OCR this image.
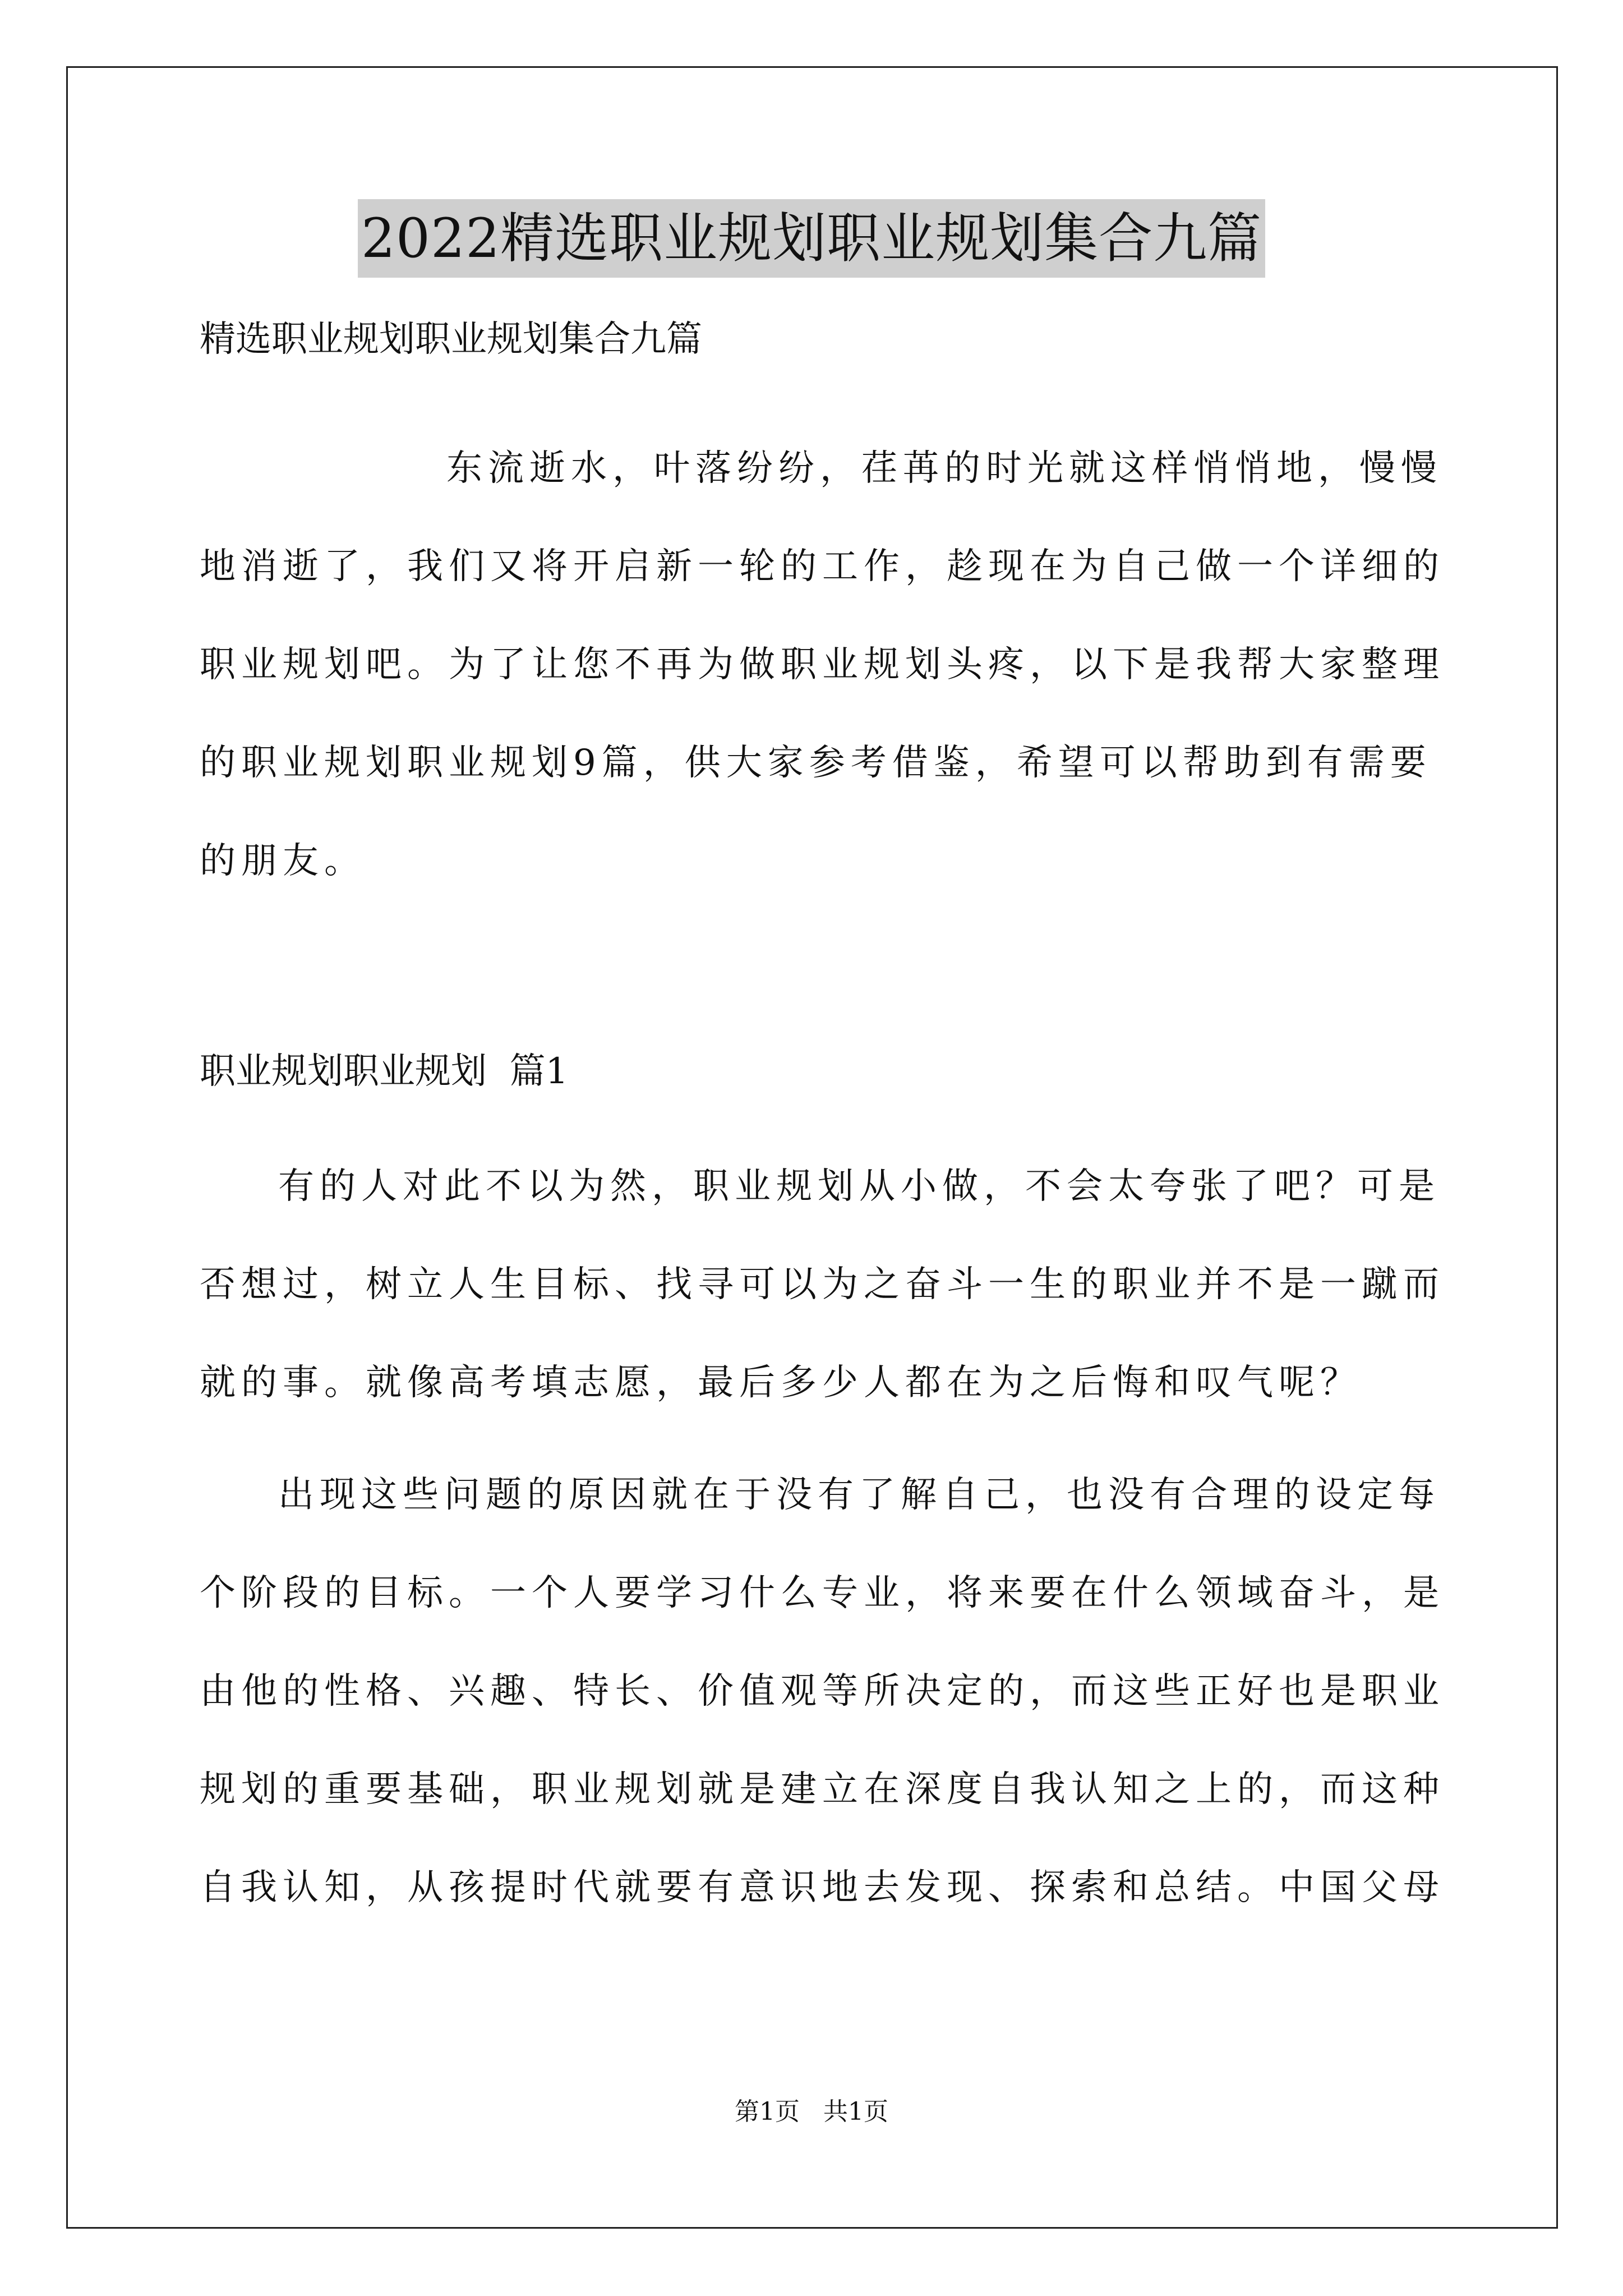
2022精选职业规划职业规划集合九篇
精选职业规划职业规划集合九篇
东流逝水，叶落纷纷，荏苒的时光就这样悄悄地，慢慢
地消逝了，我们又将开启新一轮的工作，趁现在为自己做一个详细的
职业规划吧。为了让您不再为做职业规划头疼，以下是我帮大家整理
的职业规划职业规划9篇，供大家参考借鉴，希望可以帮助到有需要
的朋友。
职业规划职业规划  篇1
有的人对此不以为然，职业规划从小做，不会太夸张了吧？可是
否想过，树立人生目标、找寻可以为之奋斗一生的职业并不是一蹴而
就的事。就像高考填志愿，最后多少人都在为之后悔和叹气呢？
出现这些问题的原因就在于没有了解自己，也没有合理的设定每
个阶段的目标。一个人要学习什么专业，将来要在什么领域奋斗，是
由他的性格、兴趣、特长、价值观等所决定的，而这些正好也是职业
规划的重要基础，职业规划就是建立在深度自我认知之上的，而这种
自我认知，从孩提时代就要有意识地去发现、探索和总结。中国父母
第1页   共1页
